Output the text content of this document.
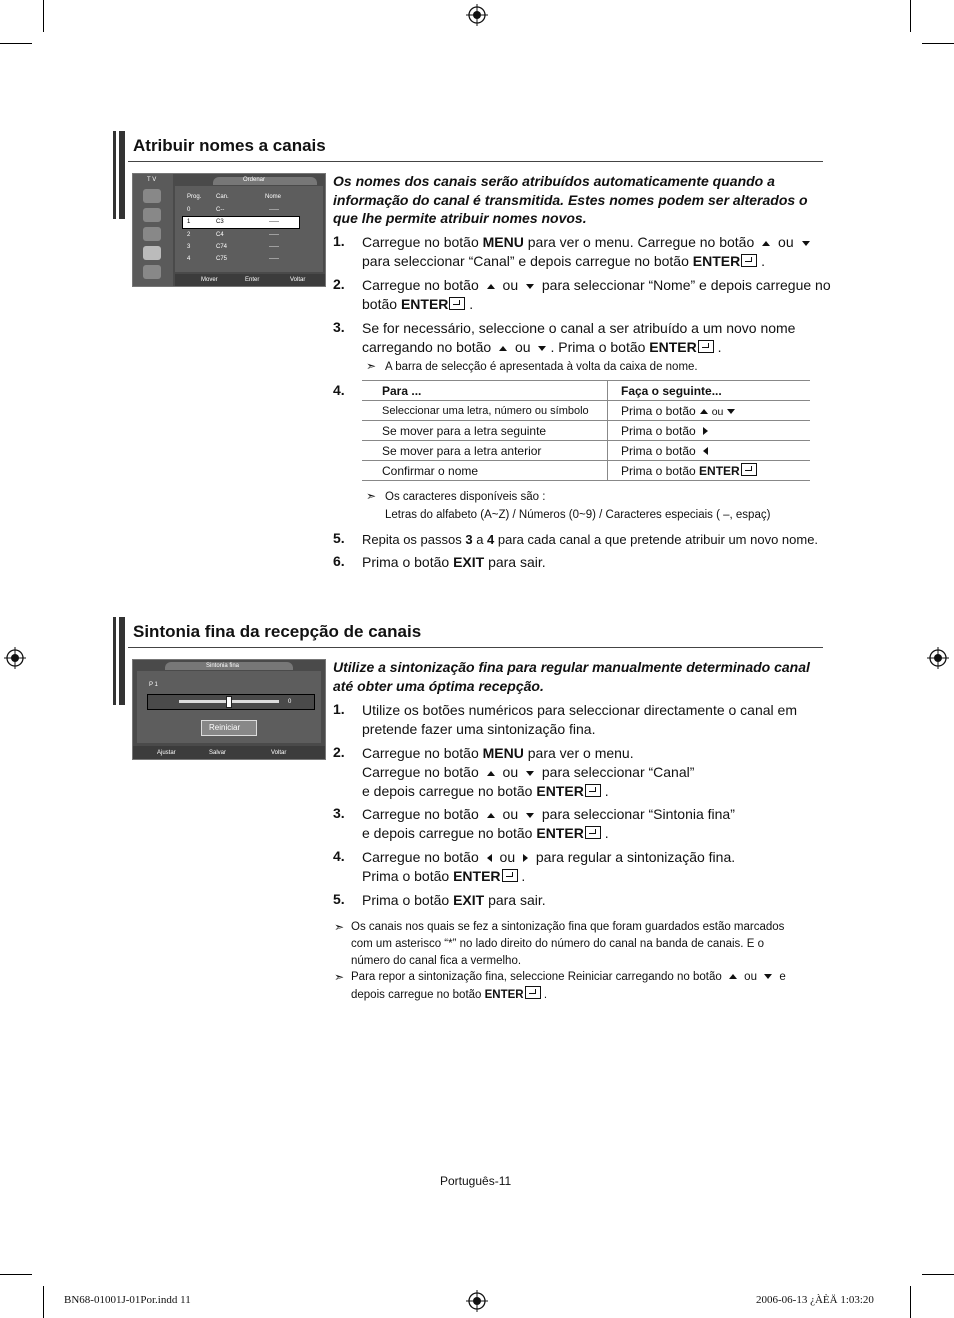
Atribuir nomes a canais
T V	Ordenar
Prog. Can.	Nome
0	C--	-----
1	C3	-----
2	C4	-----
3	C74	-----
4	C75	-----
Mover	Enter	Voltar
Os nomes dos canais serão atribuídos automaticamente quando a informação do canal é transmitida. Estes nomes podem ser alterados o que lhe permite atribuir nomes novos.
1. Carregue no botão MENU para ver o menu. Carregue no botão  ou
para seleccionar “Canal” e depois carregue no botão ENTER .
2. Carregue no botão  ou  para seleccionar “Nome” e depois carregue no
botão ENTER .
3. Se for necessário, seleccione o canal a ser atribuído a um novo nome
carregando no botão  ou . Prima o botão ENTER .
➣ A barra de selecção é apresentada à volta da caixa de nome.
4.	Para ...	Faça o seguinte...
Seleccionar uma letra, número ou símbolo	Prima o botão ou
Se mover para a letra seguinte	Prima o botão
Se mover para a letra anterior	Prima o botão
Confirmar o nome	Prima o botão ENTER
➣ Os caracteres disponíveis são :
Letras do alfabeto (A~Z) / Números (0~9) / Caracteres especiais ( –, espaç)
5. Repita os passos 3 a 4 para cada canal a que pretende atribuir um novo nome.
6. Prima o botão EXIT para sair.
Sintonia fina da recepção de canais
Sintonia fina
P 1
0
Reiniciar
Ajustar	Salvar	Voltar
Utilize a sintonização fina para regular manualmente determinado canal até obter uma óptima recepção.
1. Utilize os botões numéricos para seleccionar directamente o canal em
pretende fazer uma sintonização fina.
2. Carregue no botão MENU para ver o menu.
Carregue no botão  ou  para seleccionar “Canal”
e depois carregue no botão ENTER .
3. Carregue no botão  ou  para seleccionar “Sintonia fina”
e depois carregue no botão ENTER .
4. Carregue no botão  ou  para regular a sintonização fina.
Prima o botão ENTER .
5. Prima o botão EXIT para sair.
➣ Os canais nos quais se fez a sintonização fina que foram guardados estão marcados
com um asterisco “*” no lado direito do número do canal na banda de canais. E o
número do canal fica a vermelho.
➣ Para repor a sintonização fina, seleccione Reiniciar carregando no botão  ou  e
depois carregue no botão ENTER .
Português-11
BN68-01001J-01Por.indd 11	2006-06-13 ¿ÀÈÄ 1:03:20
